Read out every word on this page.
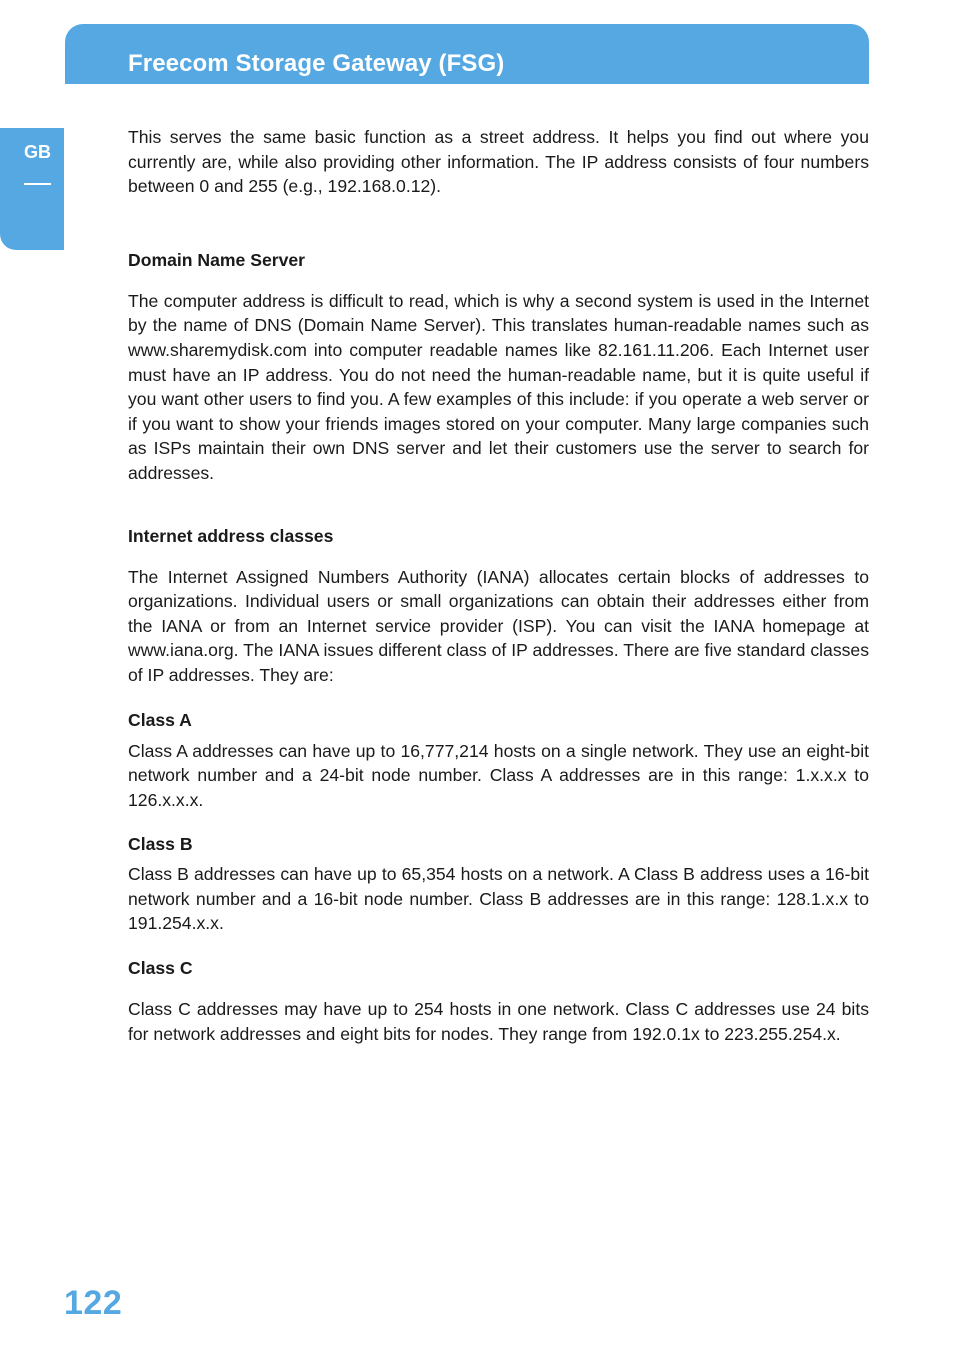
Freecom Storage Gateway (FSG)
GB

This serves the same basic function as a street address. It helps you find out where you currently are, while also providing other information. The IP address consists of four numbers between 0 and 255 (e.g., 192.168.0.12).

Domain Name Server

The computer address is difficult to read, which is why a second system is used in the Internet by the name of DNS (Domain Name Server). This translates human-readable names such as www.sharemydisk.com into computer readable names like 82.161.11.206. Each Internet user must have an IP address. You do not need the human-readable name, but it is quite useful if you want other users to find you. A few examples of this include: if you operate a web server or if you want to show your friends images stored on your computer. Many large companies such as ISPs maintain their own DNS server and let their customers use the server to search for addresses.

Internet address classes

The Internet Assigned Numbers Authority (IANA) allocates certain blocks of addresses to organizations. Individual users or small organizations can obtain their addresses either from the IANA or from an Internet service provider (ISP). You can visit the IANA homepage at www.iana.org. The IANA issues different class of IP addresses. There are five standard classes of IP addresses. They are:

Class A

Class A addresses can have up to 16,777,214 hosts on a single network. They use an eight-bit network number and a 24-bit node number. Class A addresses are in this range: 1.x.x.x to 126.x.x.x.

Class B

Class B addresses can have up to 65,354 hosts on a network. A Class B address uses a 16-bit network number and a 16-bit node number. Class B addresses are in this range: 128.1.x.x to 191.254.x.x.

Class C

Class C addresses may have up to 254 hosts in one network. Class C addresses use 24 bits for network addresses and eight bits for nodes. They range from 192.0.1x to 223.255.254.x.

122
